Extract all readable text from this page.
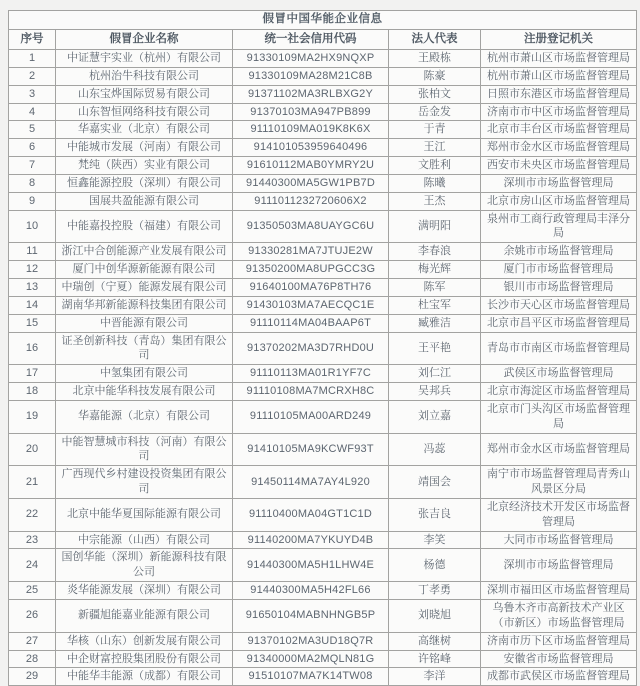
假冒中国华能企业信息				
序号	假冒企业名称	统一社会信用代码	法人代表	注册登记机关
1	中证慧宇实业（杭州）有限公司	91330109MA2HX9NQXP	王殿栋	杭州市萧山区市场监督管理局
2	杭州治牛科技有限公司	91330109MA28M21C8B	陈豪	杭州市萧山区市场监督管理局
3	山东宝烨国际贸易有限公司	91371102MA3RLBXG2Y	张柏文	日照市东港区市场监督管理局
4	山东智恒网络科技有限公司	91370103MA947PB899	岳金发	济南市市中区市场监督管理局
5	华嘉实业（北京）有限公司	91110109MA019K8K6X	于青	北京市丰台区市场监督管理局
6	中能城市发展（河南）有限公司	914101053959640496	王江	郑州市金水区市场监督管理局
7	梵纯（陕西）实业有限公司	91610112MAB0YMRY2U	文胜利	西安市未央区市场监督管理局
8	恒鑫能源控股（深圳）有限公司	91440300MA5GW1PB7D	陈曦	深圳市市场监督管理局
9	国展共盈能源有限公司	9111011232720606X2	王杰	北京市房山区市场监督管理局
10	中能嘉投控股（福建）有限公司	91350503MA8UAYGC6U	满明阳	泉州市工商行政管理局丰泽分局
11	浙江中合创能源产业发展有限公司	91330281MA7JTUJE2W	李春浪	余姚市市场监督管理局
12	厦门中创华源新能源有限公司	91350200MA8UPGCC3G	梅光辉	厦门市市场监督管理局
13	中瑞创（宁夏）能源发展有限公司	91640100MA76P8TH76	陈军	银川市市场监督管理局
14	湖南华邦新能源科技集团有限公司	91430103MA7AECQC1E	杜宝军	长沙市天心区市场监督管理局
15	中晋能源有限公司	91110114MA04BAAP6T	臧雅洁	北京市昌平区市场监督管理局
16	证圣创新科技（青岛）集团有限公司	91370202MA3D7RHD0U	王平艳	青岛市市南区市场监督管理局
17	中氢集团有限公司	91110113MA01R1YF7C	刘仁江	武侯区市场监督管理局
18	北京中能华科技发展有限公司	91110108MA7MCRXH8C	吴邦兵	北京市海淀区市场监督管理局
19	华嘉能源（北京）有限公司	91110105MA00ARD249	刘立嘉	北京市门头沟区市场监督管理局
20	中能智慧城市科技（河南）有限公司	91410105MA9KCWF93T	冯蕊	郑州市金水区市场监督管理局
21	广西现代乡村建设投资集团有限公司	91450114MA7AY4L920	靖国会	南宁市市场监督管理局青秀山风景区分局
22	北京中能华夏国际能源有限公司	91110400MA04GT1C1D	张吉良	北京经济技术开发区市场监督管理局
23	中宗能源（山西）有限公司	91140200MA7YKUYD4B	李笑	大同市市场监督管理局
24	国创华能（深圳）新能源科技有限公司	91440300MA5H1LHW4E	杨德	深圳市市场监督管理局
25	炎华能源发展（深圳）有限公司	91440300MA5H42FL66	丁孝勇	深圳市福田区市场监督管理局
26	新疆旭能嘉业能源有限公司	91650104MABNHNGB5P	刘晓旭	乌鲁木齐市高新技术产业区（市新区）市场监督管理局
27	华核（山东）创新发展有限公司	91370102MA3UD18Q7R	高继树	济南市历下区市场监督管理局
28	中企财富控股集团股份有限公司	91340000MA2MQLN81G	许铭峰	安徽省市场监督管理局
29	中能华丰能源（成都）有限公司	91510107MA7K14TW08	李洋	成都市武侯区市场监督管理局
